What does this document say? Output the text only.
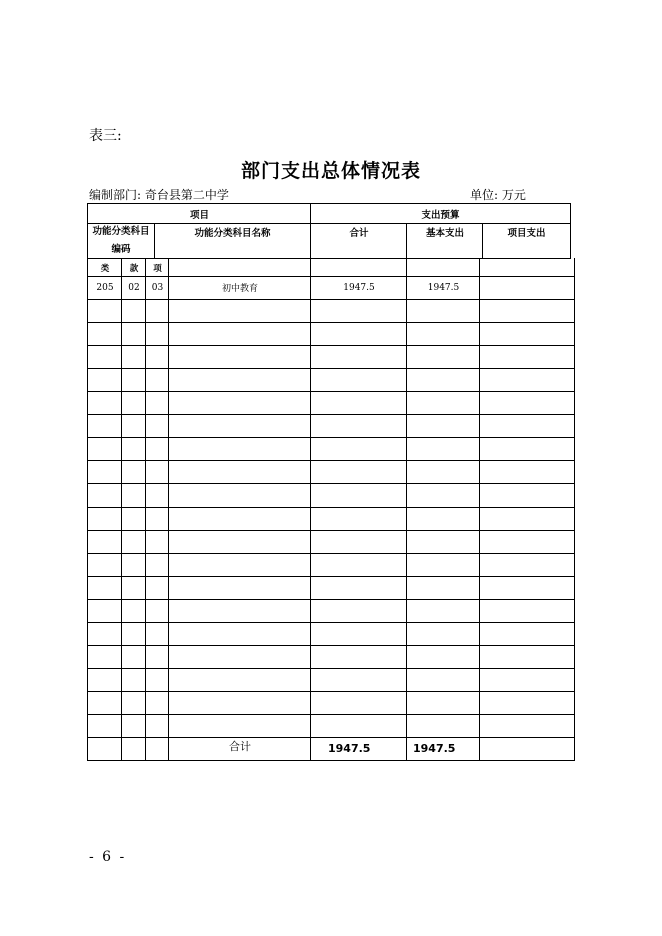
表三:
部门支出总体情况表
编制部门: 奇台县第二中学	单位: 万元
项目	支出预算
功能分类科目编码
功能分类科目名称	合计	基本支出	项目支出
类	款	项
205	02	03	初中教育	1947.5	1947.5
合计	1947.5	1947.5
- 6 -
